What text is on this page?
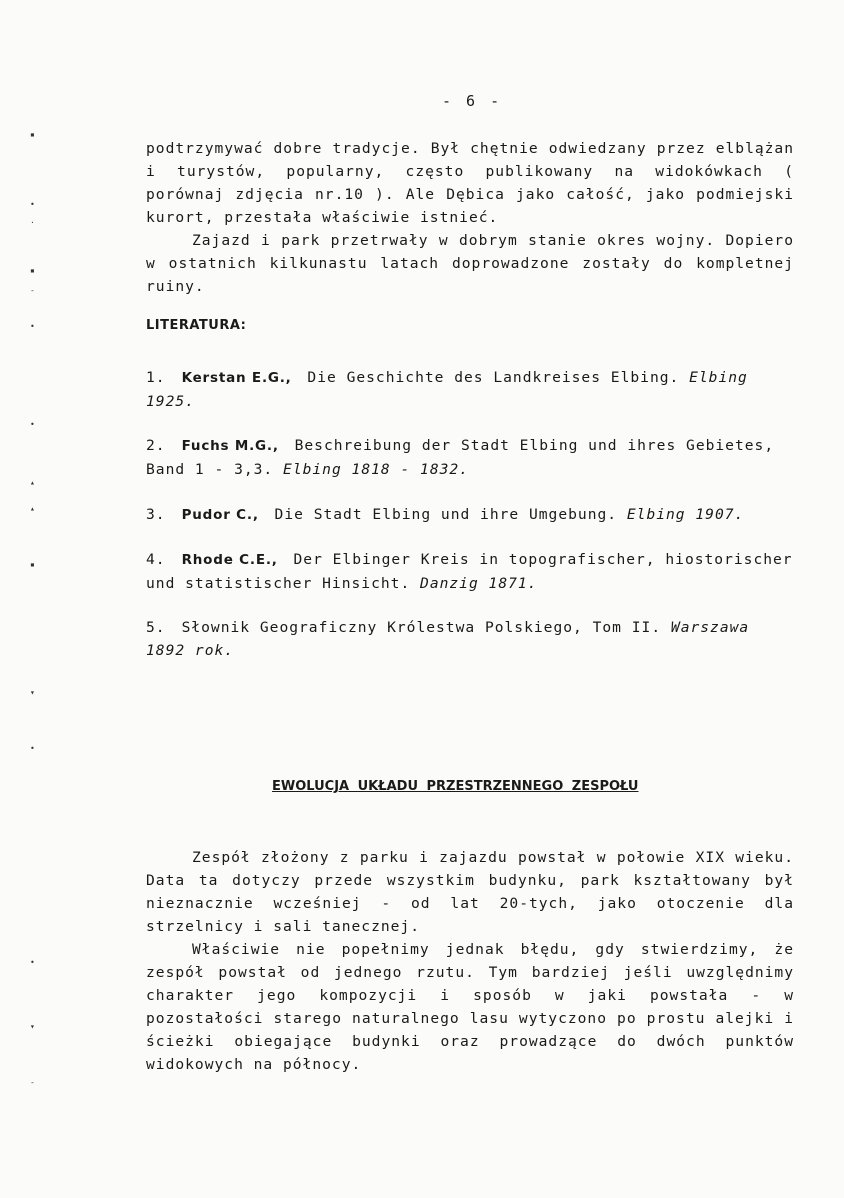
- 6 -
podtrzymywać dobre tradycje. Był chętnie odwiedzany przez elblążan i turystów, popularny, często publikowany na widokówkach ( porównaj zdjęcia nr.10 ). Ale Dębica jako całość, jako podmiejski kurort, przestała właściwie istnieć.
Zajazd i park przetrwały w dobrym stanie okres wojny. Dopiero w ostatnich kilkunastu latach doprowadzone zostały do kompletnej ruiny.
LITERATURA:
1. Kerstan E.G., Die Geschichte des Landkreises Elbing. Elbing 1925.
2. Fuchs M.G., Beschreibung der Stadt Elbing und ihres Gebietes, Band 1 - 3,3. Elbing 1818 - 1832.
3. Pudor C., Die Stadt Elbing und ihre Umgebung. Elbing 1907.
4. Rhode C.E., Der Elbinger Kreis in topografischer, hiostorischer und statistischer Hinsicht. Danzig 1871.
5. Słownik Geograficzny Królestwa Polskiego, Tom II. Warszawa 1892 rok.
EWOLUCJA UKŁADU PRZESTRZENNEGO ZESPOŁU
Zespół złożony z parku i zajazdu powstał w połowie XIX wieku. Data ta dotyczy przede wszystkim budynku, park kształtowany był nieznacznie wcześniej - od lat 20-tych, jako otoczenie dla strzelnicy i sali tanecznej.
Właściwie nie popełnimy jednak błędu, gdy stwierdzimy, że zespół powstał od jednego rzutu. Tym bardziej jeśli uwzględnimy charakter jego kompozycji i sposób w jaki powstała - w pozostałości starego naturalnego lasu wytyczono po prostu alejki i ścieżki obiegające budynki oraz prowadzące do dwóch punktów widokowych na północy.
▪
•
·
▪
-
•
•
▴
▴
▪
▾
•
•
▾
-
